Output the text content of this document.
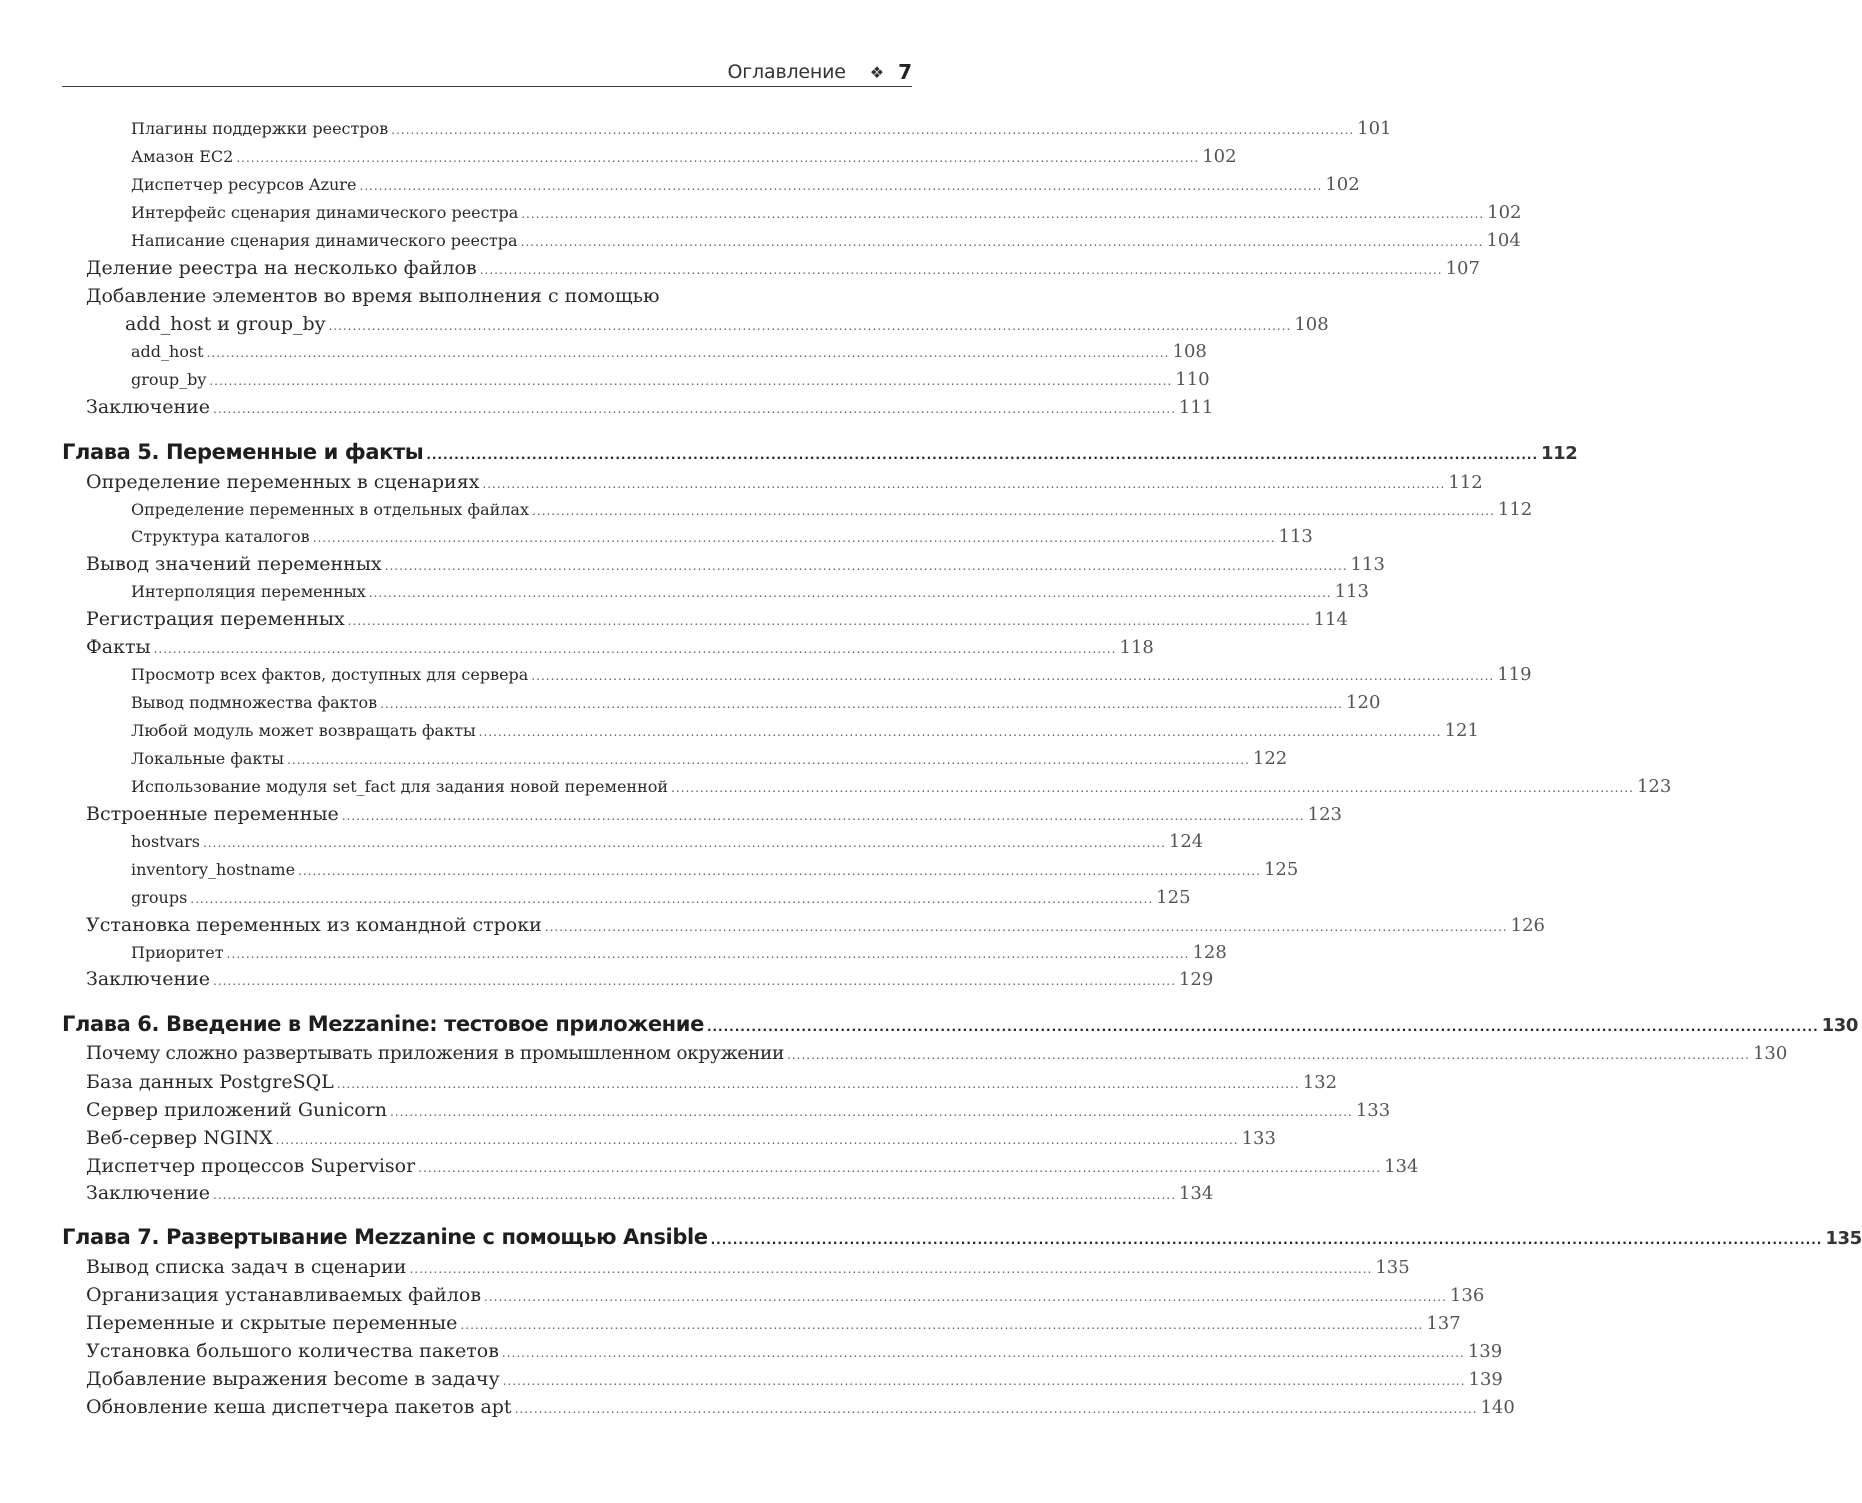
Оглавление ❖ 7
Плагины поддержки реестров ........................................................................................................................................................................................................ 101
Амазон EC2 ........................................................................................................................................................................................................ 102
Диспетчер ресурсов Azure ........................................................................................................................................................................................................ 102
Интерфейс сценария динамического реестра ........................................................................................................................................................................................................ 102
Написание сценария динамического реестра ........................................................................................................................................................................................................ 104
Деление реестра на несколько файлов ........................................................................................................................................................................................................ 107
Добавление элементов во время выполнения с помощью
add_host и group_by ........................................................................................................................................................................................................ 108
add_host ........................................................................................................................................................................................................ 108
group_by ........................................................................................................................................................................................................ 110
Заключение ........................................................................................................................................................................................................ 111
Глава 5. Переменные и факты ........................................................................................................................................................................................................ 112
Определение переменных в сценариях ........................................................................................................................................................................................................ 112
Определение переменных в отдельных файлах ........................................................................................................................................................................................................ 112
Структура каталогов ........................................................................................................................................................................................................ 113
Вывод значений переменных ........................................................................................................................................................................................................ 113
Интерполяция переменных ........................................................................................................................................................................................................ 113
Регистрация переменных ........................................................................................................................................................................................................ 114
Факты ........................................................................................................................................................................................................ 118
Просмотр всех фактов, доступных для сервера ........................................................................................................................................................................................................ 119
Вывод подмножества фактов ........................................................................................................................................................................................................ 120
Любой модуль может возвращать факты ........................................................................................................................................................................................................ 121
Локальные факты ........................................................................................................................................................................................................ 122
Использование модуля set_fact для задания новой переменной ........................................................................................................................................................................................................ 123
Встроенные переменные ........................................................................................................................................................................................................ 123
hostvars ........................................................................................................................................................................................................ 124
inventory_hostname ........................................................................................................................................................................................................ 125
groups ........................................................................................................................................................................................................ 125
Установка переменных из командной строки ........................................................................................................................................................................................................ 126
Приоритет ........................................................................................................................................................................................................ 128
Заключение ........................................................................................................................................................................................................ 129
Глава 6. Введение в Mezzanine: тестовое приложение ........................................................................................................................................................................................................ 130
Почему сложно развертывать приложения в промышленном окружении ........................................................................................................................................................................................................ 130
База данных PostgreSQL ........................................................................................................................................................................................................ 132
Сервер приложений Gunicorn ........................................................................................................................................................................................................ 133
Веб-сервер NGINX ........................................................................................................................................................................................................ 133
Диспетчер процессов Supervisor ........................................................................................................................................................................................................ 134
Заключение ........................................................................................................................................................................................................ 134
Глава 7. Развертывание Mezzanine с помощью Ansible ........................................................................................................................................................................................................ 135
Вывод списка задач в сценарии ........................................................................................................................................................................................................ 135
Организация устанавливаемых файлов ........................................................................................................................................................................................................ 136
Переменные и скрытые переменные ........................................................................................................................................................................................................ 137
Установка большого количества пакетов ........................................................................................................................................................................................................ 139
Добавление выражения become в задачу ........................................................................................................................................................................................................ 139
Обновление кеша диспетчера пакетов apt ........................................................................................................................................................................................................ 140
